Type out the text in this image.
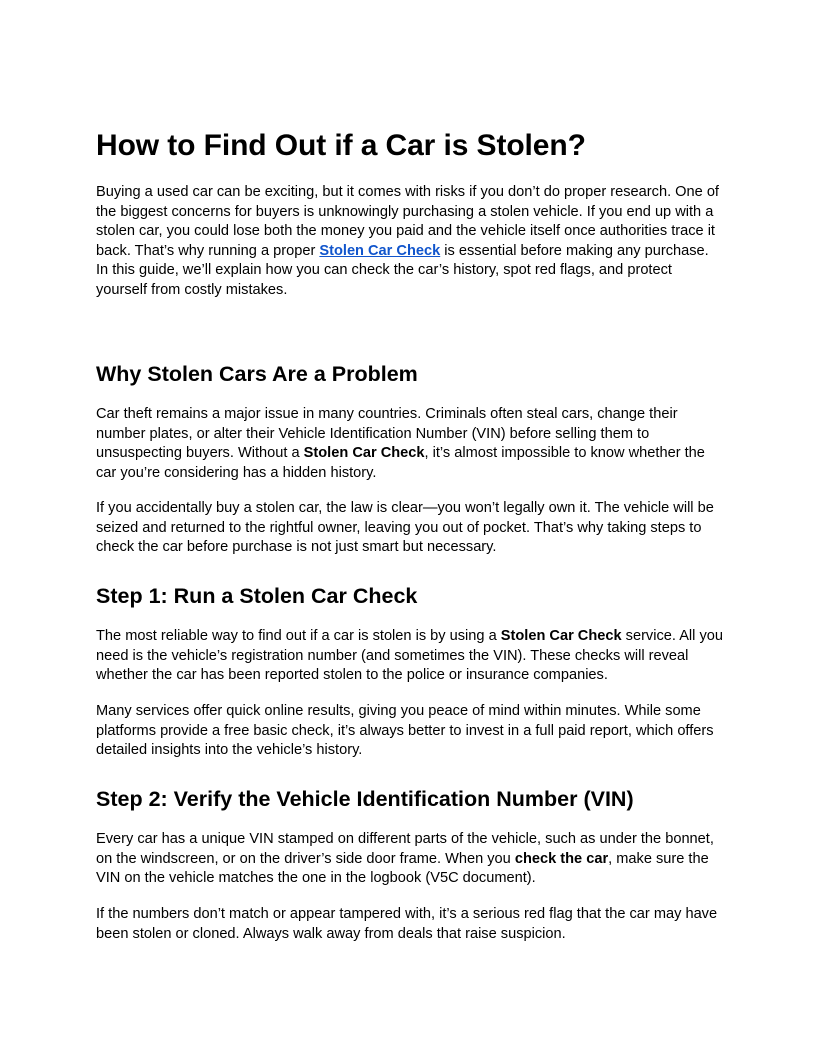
How to Find Out if a Car is Stolen?

Buying a used car can be exciting, but it comes with risks if you don’t do proper research. One of the biggest concerns for buyers is unknowingly purchasing a stolen vehicle. If you end up with a stolen car, you could lose both the money you paid and the vehicle itself once authorities trace it back. That’s why running a proper Stolen Car Check is essential before making any purchase. In this guide, we’ll explain how you can check the car’s history, spot red flags, and protect yourself from costly mistakes.

Why Stolen Cars Are a Problem

Car theft remains a major issue in many countries. Criminals often steal cars, change their number plates, or alter their Vehicle Identification Number (VIN) before selling them to unsuspecting buyers. Without a Stolen Car Check, it’s almost impossible to know whether the car you’re considering has a hidden history.

If you accidentally buy a stolen car, the law is clear—you won’t legally own it. The vehicle will be seized and returned to the rightful owner, leaving you out of pocket. That’s why taking steps to check the car before purchase is not just smart but necessary.

Step 1: Run a Stolen Car Check

The most reliable way to find out if a car is stolen is by using a Stolen Car Check service. All you need is the vehicle’s registration number (and sometimes the VIN). These checks will reveal whether the car has been reported stolen to the police or insurance companies.

Many services offer quick online results, giving you peace of mind within minutes. While some platforms provide a free basic check, it’s always better to invest in a full paid report, which offers detailed insights into the vehicle’s history.

Step 2: Verify the Vehicle Identification Number (VIN)

Every car has a unique VIN stamped on different parts of the vehicle, such as under the bonnet, on the windscreen, or on the driver’s side door frame. When you check the car, make sure the VIN on the vehicle matches the one in the logbook (V5C document).

If the numbers don’t match or appear tampered with, it’s a serious red flag that the car may have been stolen or cloned. Always walk away from deals that raise suspicion.
